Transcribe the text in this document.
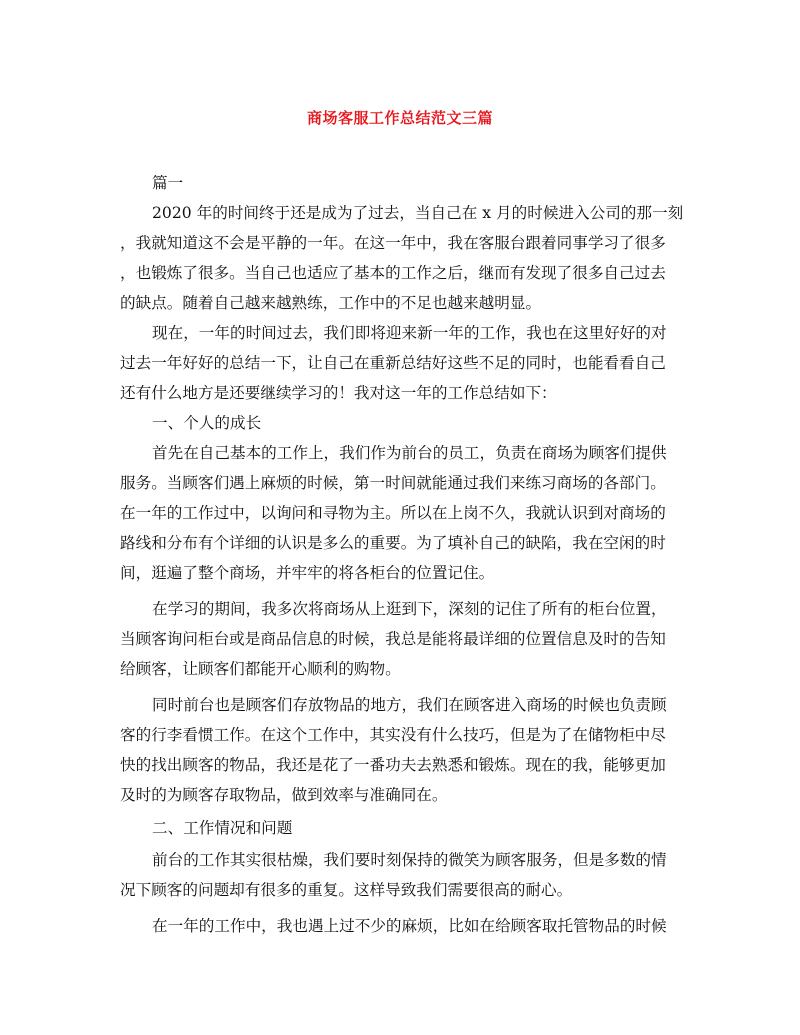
商场客服工作总结范文三篇
篇一
2020 年的时间终于还是成为了过去，当自己在 x 月的时候进入公司的那一刻
，我就知道这不会是平静的一年。在这一年中，我在客服台跟着同事学习了很多
，也锻炼了很多。当自己也适应了基本的工作之后，继而有发现了很多自己过去
的缺点。随着自己越来越熟练，工作中的不足也越来越明显。
现在，一年的时间过去，我们即将迎来新一年的工作，我也在这里好好的对
过去一年好好的总结一下，让自己在重新总结好这些不足的同时，也能看看自己
还有什么地方是还要继续学习的！我对这一年的工作总结如下：
一、个人的成长
首先在自己基本的工作上，我们作为前台的员工，负责在商场为顾客们提供
服务。当顾客们遇上麻烦的时候，第一时间就能通过我们来练习商场的各部门。
在一年的工作过中，以询问和寻物为主。所以在上岗不久，我就认识到对商场的
路线和分布有个详细的认识是多么的重要。为了填补自己的缺陷，我在空闲的时
间，逛遍了整个商场，并牢牢的将各柜台的位置记住。
在学习的期间，我多次将商场从上逛到下，深刻的记住了所有的柜台位置，
当顾客询问柜台或是商品信息的时候，我总是能将最详细的位置信息及时的告知
给顾客，让顾客们都能开心顺利的购物。
同时前台也是顾客们存放物品的地方，我们在顾客进入商场的时候也负责顾
客的行李看惯工作。在这个工作中，其实没有什么技巧，但是为了在储物柜中尽
快的找出顾客的物品，我还是花了一番功夫去熟悉和锻炼。现在的我，能够更加
及时的为顾客存取物品，做到效率与准确同在。
二、工作情况和问题
前台的工作其实很枯燥，我们要时刻保持的微笑为顾客服务，但是多数的情
况下顾客的问题却有很多的重复。这样导致我们需要很高的耐心。
在一年的工作中，我也遇上过不少的麻烦，比如在给顾客取托管物品的时候
